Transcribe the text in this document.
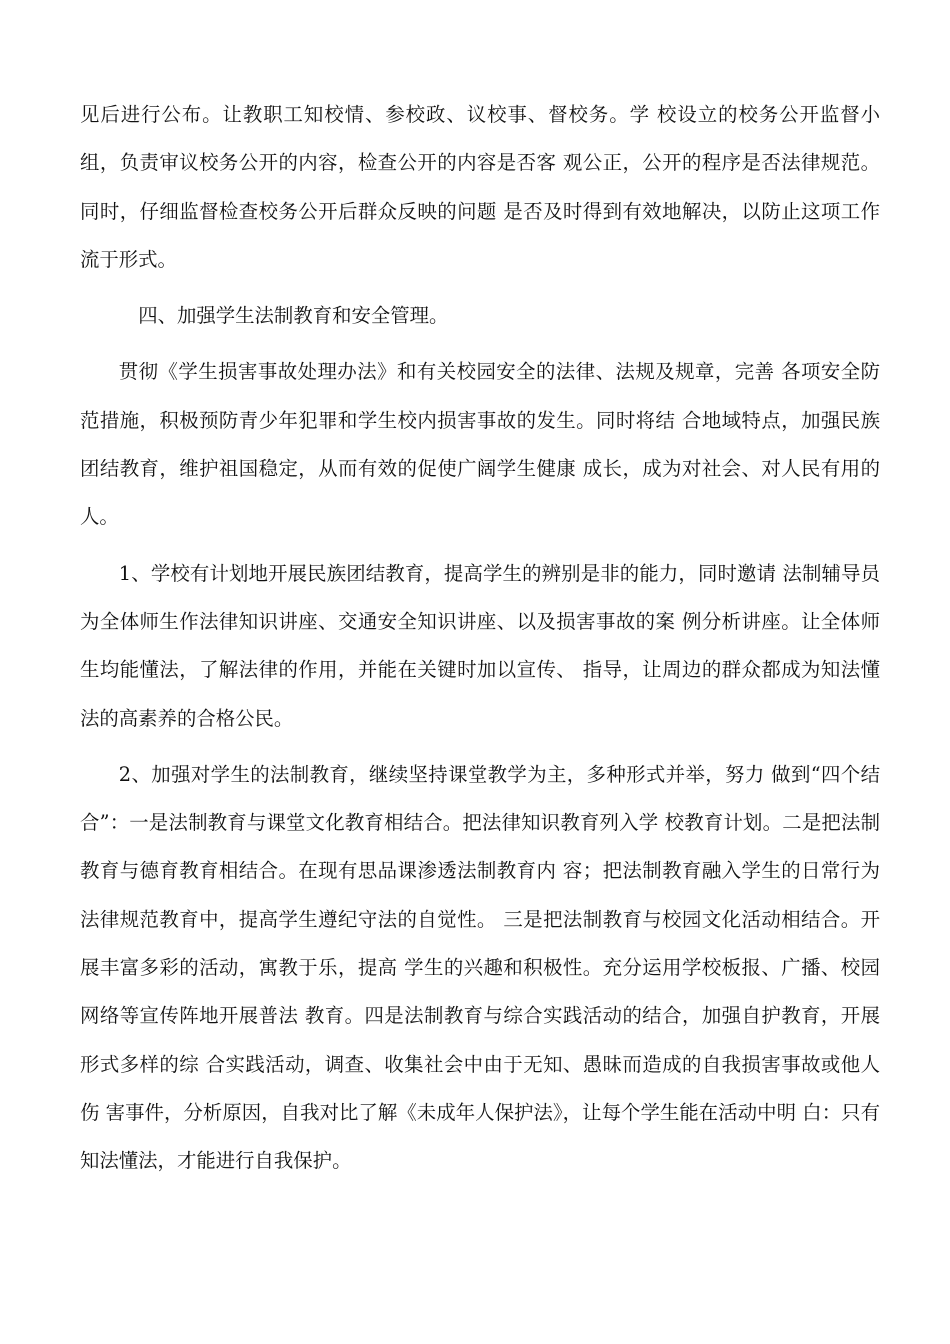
见后进行公布。让教职工知校情、参校政、议校事、督校务。学 校设立的校务公开监督小组，负责审议校务公开的内容，检查公开的内容是否客 观公正，公开的程序是否法律规范。同时，仔细监督检查校务公开后群众反映的问题 是否及时得到有效地解决，以防止这项工作流于形式。

四、加强学生法制教育和安全管理。

贯彻《学生损害事故处理办法》和有关校园安全的法律、法规及规章，完善 各项安全防范措施，积极预防青少年犯罪和学生校内损害事故的发生。同时将结 合地域特点，加强民族团结教育，维护祖国稳定，从而有效的促使广阔学生健康 成长，成为对社会、对人民有用的人。

1、学校有计划地开展民族团结教育，提高学生的辨别是非的能力，同时邀请 法制辅导员为全体师生作法律知识讲座、交通安全知识讲座、以及损害事故的案 例分析讲座。让全体师生均能懂法，了解法律的作用，并能在关键时加以宣传、 指导，让周边的群众都成为知法懂法的高素养的合格公民。

2、加强对学生的法制教育，继续坚持课堂教学为主，多种形式并举，努力 做到“四个结合”：一是法制教育与课堂文化教育相结合。把法律知识教育列入学 校教育计划。二是把法制教育与德育教育相结合。在现有思品课渗透法制教育内 容；把法制教育融入学生的日常行为法律规范教育中，提高学生遵纪守法的自觉性。 三是把法制教育与校园文化活动相结合。开展丰富多彩的活动，寓教于乐，提高 学生的兴趣和积极性。充分运用学校板报、广播、校园网络等宣传阵地开展普法 教育。四是法制教育与综合实践活动的结合，加强自护教育，开展形式多样的综 合实践活动，调查、收集社会中由于无知、愚昧而造成的自我损害事故或他人伤 害事件，分析原因，自我对比了解《未成年人保护法》，让每个学生能在活动中明 白：只有知法懂法，才能进行自我保护。
